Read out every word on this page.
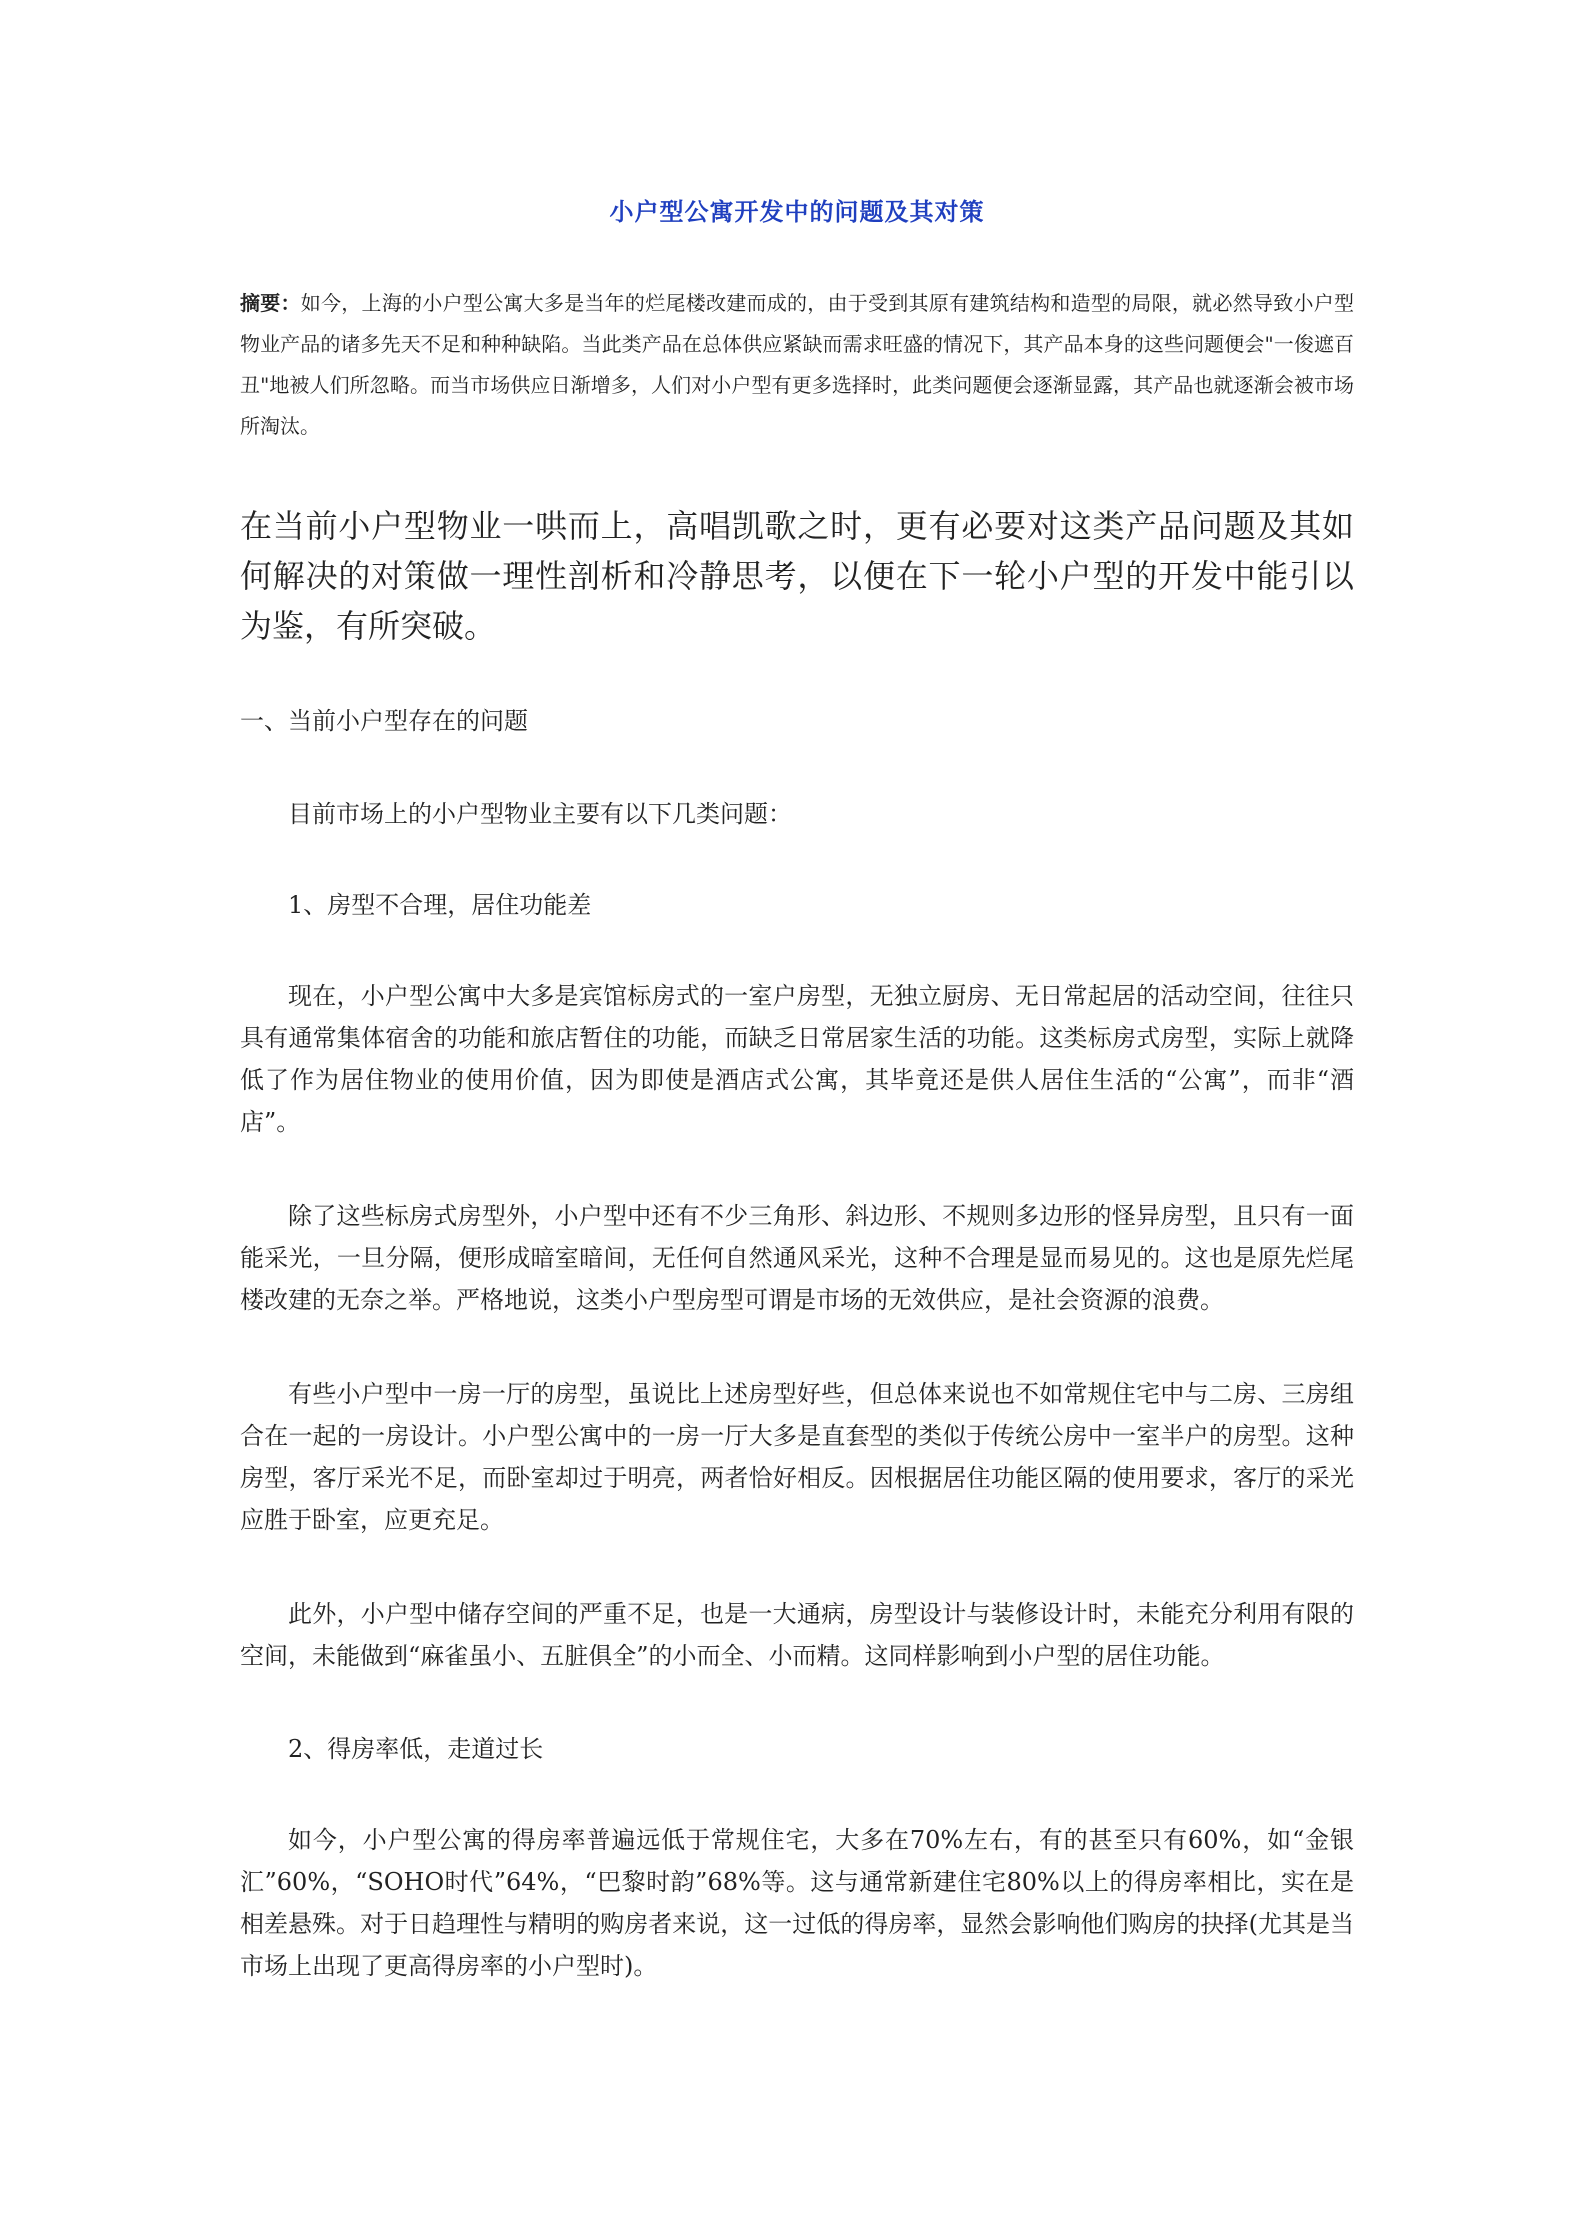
小户型公寓开发中的问题及其对策

摘要：如今，上海的小户型公寓大多是当年的烂尾楼改建而成的，由于受到其原有建筑结构和造型的局限，就必然导致小户型物业产品的诸多先天不足和种种缺陷。当此类产品在总体供应紧缺而需求旺盛的情况下，其产品本身的这些问题便会"一俊遮百丑"地被人们所忽略。而当市场供应日渐增多，人们对小户型有更多选择时，此类问题便会逐渐显露，其产品也就逐渐会被市场所淘汰。

在当前小户型物业一哄而上，高唱凯歌之时，更有必要对这类产品问题及其如何解决的对策做一理性剖析和冷静思考，以便在下一轮小户型的开发中能引以为鉴，有所突破。

一、当前小户型存在的问题

目前市场上的小户型物业主要有以下几类问题：

1、房型不合理，居住功能差

现在，小户型公寓中大多是宾馆标房式的一室户房型，无独立厨房、无日常起居的活动空间，往往只具有通常集体宿舍的功能和旅店暂住的功能，而缺乏日常居家生活的功能。这类标房式房型，实际上就降低了作为居住物业的使用价值，因为即使是酒店式公寓，其毕竟还是供人居住生活的“公寓”，而非“酒店”。

除了这些标房式房型外，小户型中还有不少三角形、斜边形、不规则多边形的怪异房型，且只有一面能采光，一旦分隔，便形成暗室暗间，无任何自然通风采光，这种不合理是显而易见的。这也是原先烂尾楼改建的无奈之举。严格地说，这类小户型房型可谓是市场的无效供应，是社会资源的浪费。

有些小户型中一房一厅的房型，虽说比上述房型好些，但总体来说也不如常规住宅中与二房、三房组合在一起的一房设计。小户型公寓中的一房一厅大多是直套型的类似于传统公房中一室半户的房型。这种房型，客厅采光不足，而卧室却过于明亮，两者恰好相反。因根据居住功能区隔的使用要求，客厅的采光应胜于卧室，应更充足。

此外，小户型中储存空间的严重不足，也是一大通病，房型设计与装修设计时，未能充分利用有限的空间，未能做到“麻雀虽小、五脏俱全”的小而全、小而精。这同样影响到小户型的居住功能。

2、得房率低，走道过长

如今，小户型公寓的得房率普遍远低于常规住宅，大多在70%左右，有的甚至只有60%，如“金银汇”60%，“SOHO时代”64%，“巴黎时韵”68%等。这与通常新建住宅80%以上的得房率相比，实在是相差悬殊。对于日趋理性与精明的购房者来说，这一过低的得房率，显然会影响他们购房的抉择(尤其是当市场上出现了更高得房率的小户型时)。
